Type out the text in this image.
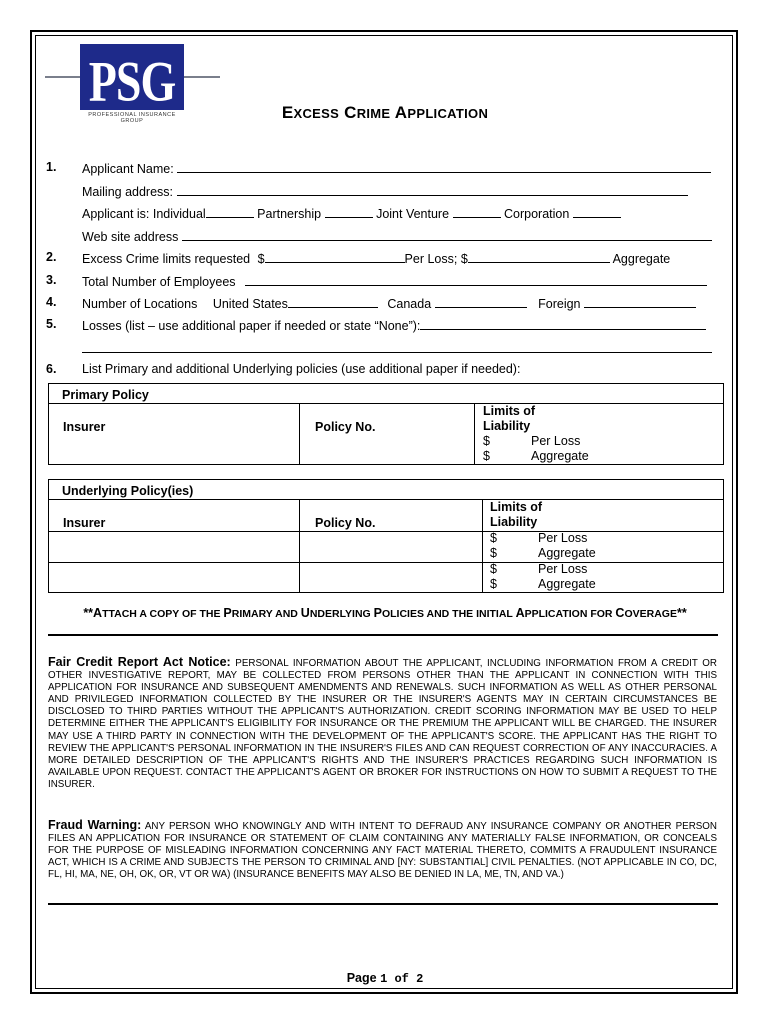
PSG
PROFESSIONAL INSURANCE GROUP	EXCESS CRIME APPLICATION
1. Applicant Name:
Mailing address:
Applicant is: Individual	Partnership	Joint Venture	Corporation
Web site address
2. Excess Crime limits requested $	Per Loss; $	Aggregate
3. Total Number of Employees
4. Number of Locations United States	Canada	Foreign
5. Losses (list – use additional paper if needed or state “None”):
6. List Primary and additional Underlying policies (use additional paper if needed):
Primary Policy
Insurer	Policy No.
Limits of
Liability
$	Per Loss
$	Aggregate
Underlying Policy(ies)
Insurer	Policy No.
Limits of
Liability
$	Per Loss
$	Aggregate
$	Per Loss
$	Aggregate
**ATTACH A COPY OF THE PRIMARY AND UNDERLYING POLICIES AND THE INITIAL APPLICATION FOR COVERAGE**
Fair Credit Report Act Notice: PERSONAL INFORMATION ABOUT THE APPLICANT, INCLUDING INFORMATION FROM A CREDIT OR OTHER INVESTIGATIVE REPORT, MAY BE COLLECTED FROM PERSONS OTHER THAN THE APPLICANT IN CONNECTION WITH THIS APPLICATION FOR INSURANCE AND SUBSEQUENT AMENDMENTS AND RENEWALS. SUCH INFORMATION AS WELL AS OTHER PERSONAL AND PRIVILEGED INFORMATION COLLECTED BY THE INSURER OR THE INSURER'S AGENTS MAY IN CERTAIN CIRCUMSTANCES BE DISCLOSED TO THIRD PARTIES WITHOUT THE APPLICANT'S AUTHORIZATION. CREDIT SCORING INFORMATION MAY BE USED TO HELP DETERMINE EITHER THE APPLICANT'S ELIGIBILITY FOR INSURANCE OR THE PREMIUM THE APPLICANT WILL BE CHARGED. THE INSURER MAY USE A THIRD PARTY IN CONNECTION WITH THE DEVELOPMENT OF THE APPLICANT'S SCORE. THE APPLICANT HAS THE RIGHT TO REVIEW THE APPLICANT'S PERSONAL INFORMATION IN THE INSURER'S FILES AND CAN REQUEST CORRECTION OF ANY INACCURACIES. A MORE DETAILED DESCRIPTION OF THE APPLICANT'S RIGHTS AND THE INSURER'S PRACTICES REGARDING SUCH INFORMATION IS AVAILABLE UPON REQUEST. CONTACT THE APPLICANT'S AGENT OR BROKER FOR INSTRUCTIONS ON HOW TO SUBMIT A REQUEST TO THE INSURER.
Fraud Warning: ANY PERSON WHO KNOWINGLY AND WITH INTENT TO DEFRAUD ANY INSURANCE COMPANY OR ANOTHER PERSON FILES AN APPLICATION FOR INSURANCE OR STATEMENT OF CLAIM CONTAINING ANY MATERIALLY FALSE INFORMATION, OR CONCEALS FOR THE PURPOSE OF MISLEADING INFORMATION CONCERNING ANY FACT MATERIAL THERETO, COMMITS A FRAUDULENT INSURANCE ACT, WHICH IS A CRIME AND SUBJECTS THE PERSON TO CRIMINAL AND [NY: SUBSTANTIAL] CIVIL PENALTIES. (NOT APPLICABLE IN CO, DC, FL, HI, MA, NE, OH, OK, OR, VT OR WA) (INSURANCE BENEFITS MAY ALSO BE DENIED IN LA, ME, TN, AND VA.)
Page 1 of 2
